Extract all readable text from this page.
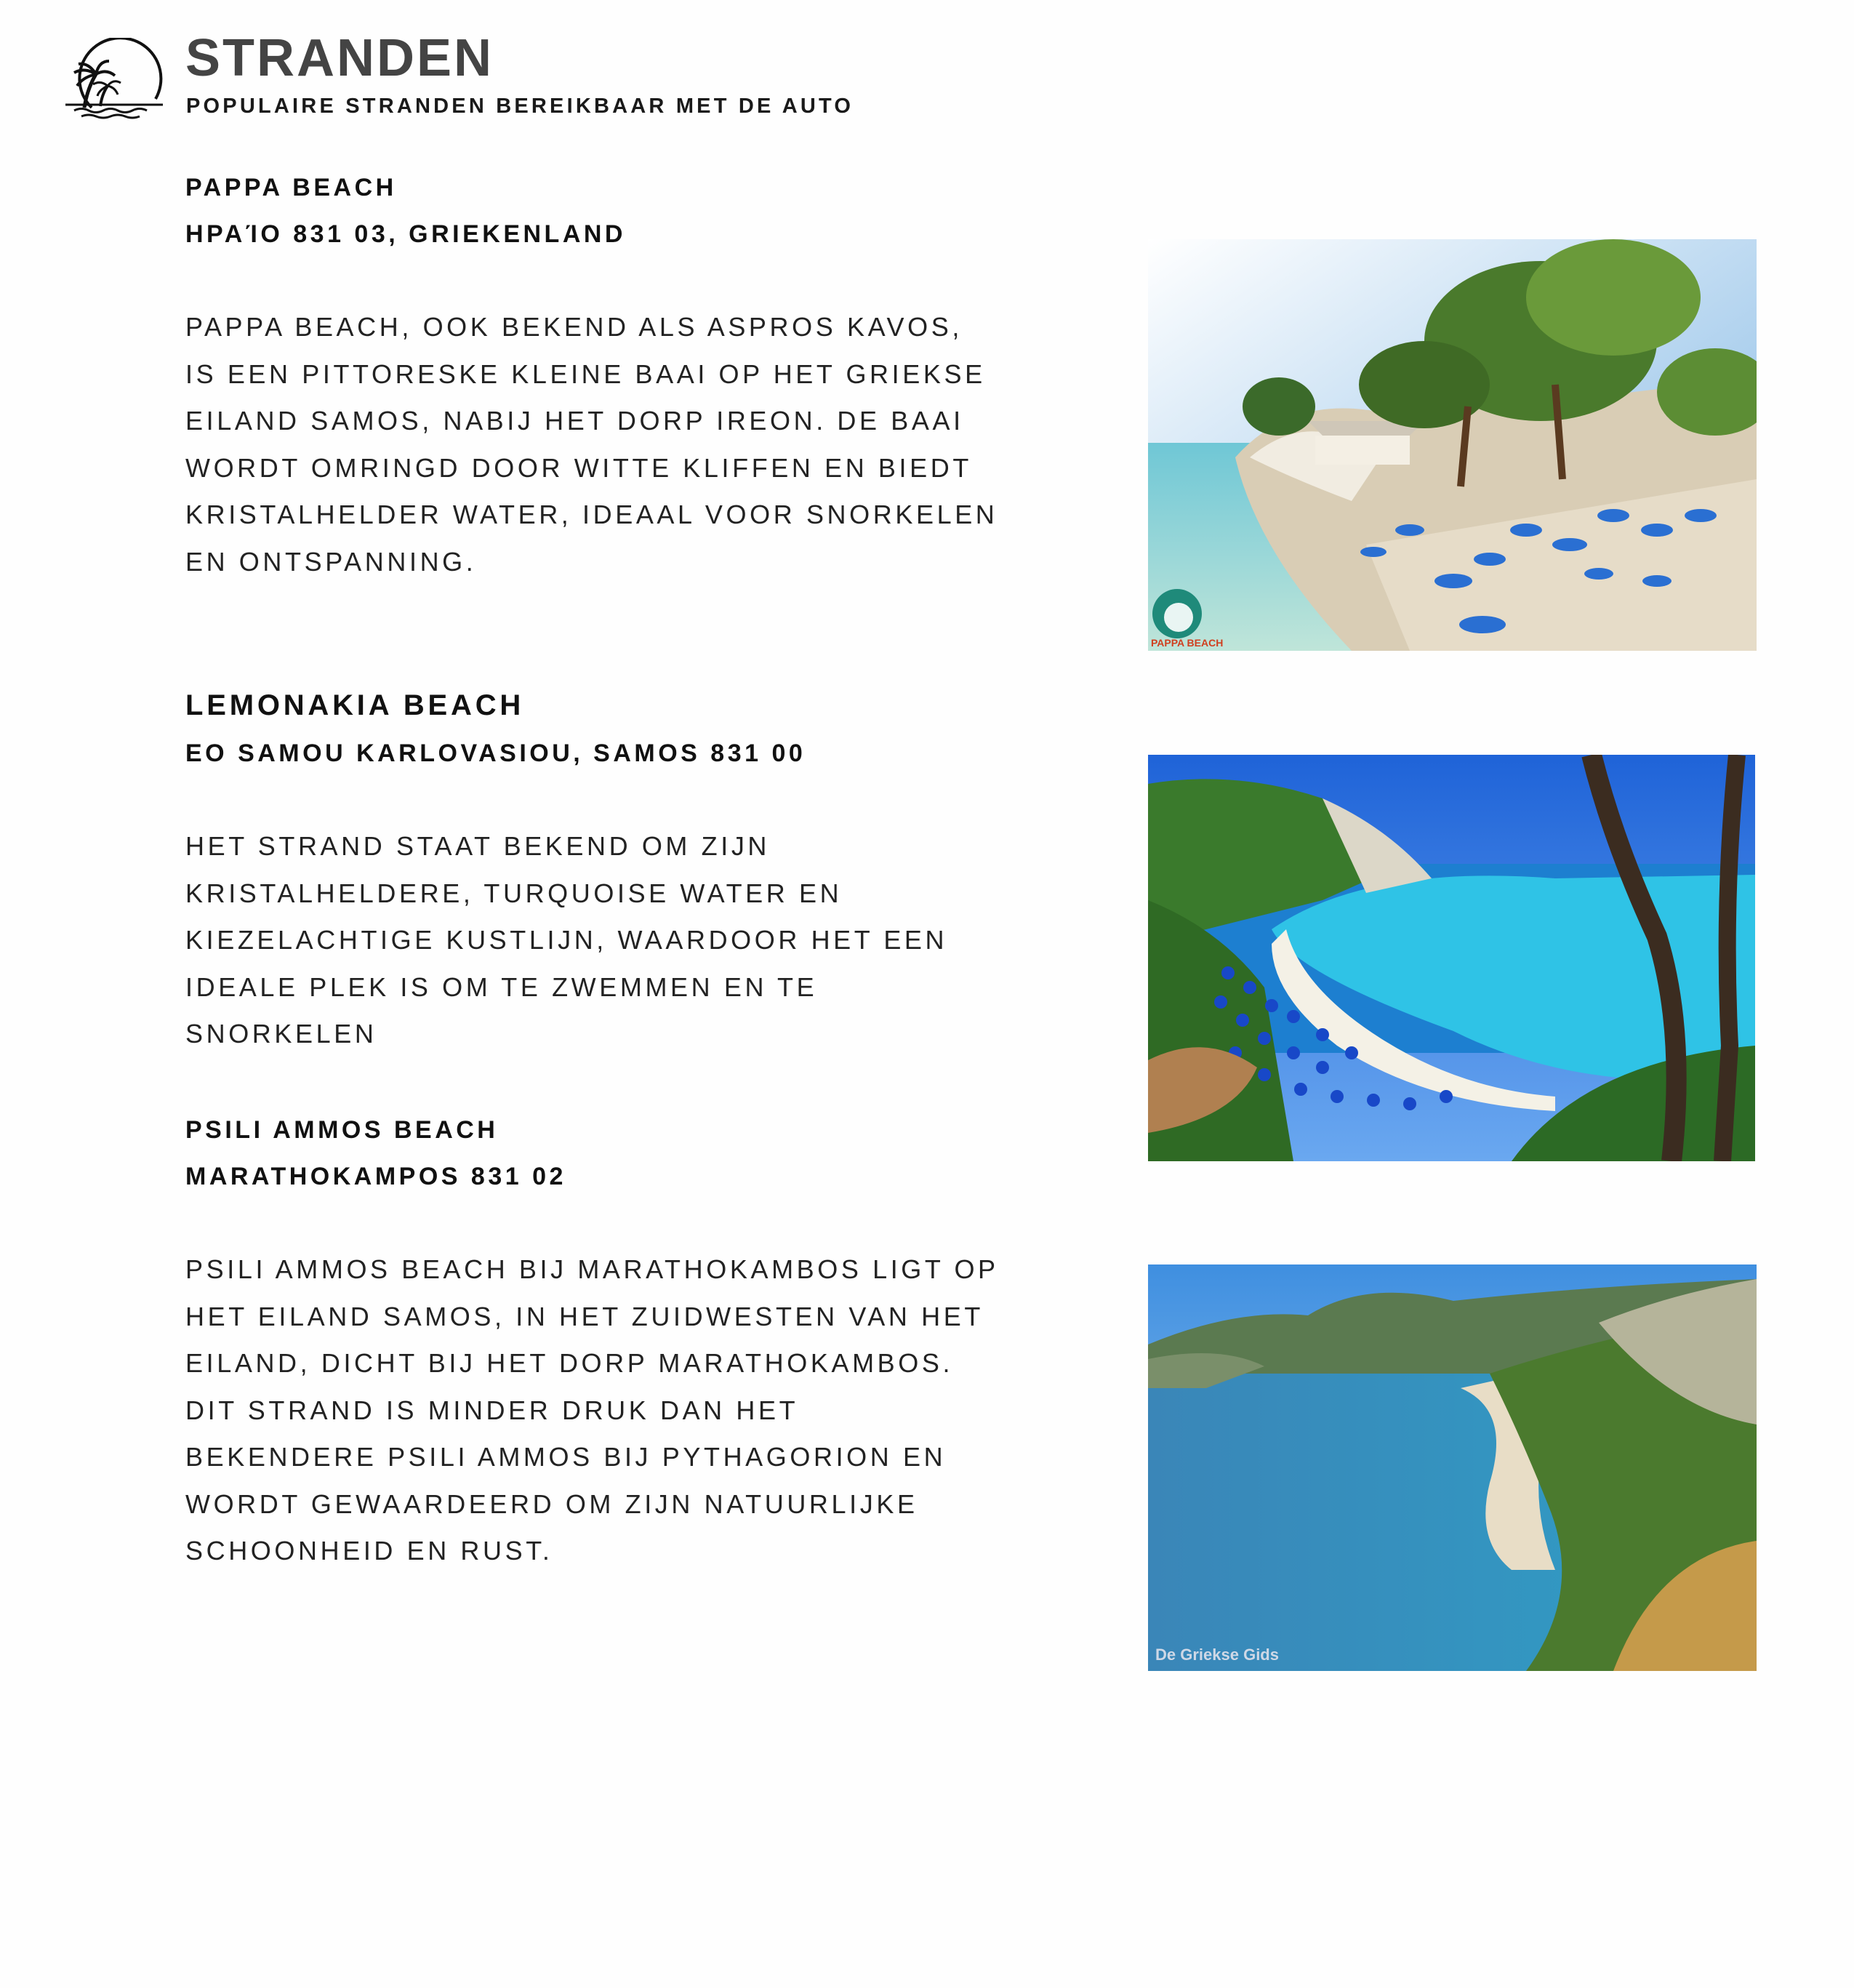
STRANDEN

POPULAIRE STRANDEN BEREIKBAAR MET DE AUTO

PAPPA BEACH
ΗΡΑΊΟ 831 03, GRIEKENLAND
PAPPA BEACH, OOK BEKEND ALS ASPROS KAVOS, IS EEN PITTORESKE KLEINE BAAI OP HET GRIEKSE EILAND SAMOS, NABIJ HET DORP IREON. DE BAAI WORDT OMRINGD DOOR WITTE KLIFFEN EN BIEDT KRISTALHELDER WATER, IDEAAL VOOR SNORKELEN EN ONTSPANNING.
LEMONAKIA BEACH
EO SAMOU KARLOVASIOU, SAMOS 831 00
HET STRAND STAAT BEKEND OM ZIJN KRISTALHELDERE, TURQUOISE WATER EN KIEZELACHTIGE KUSTLIJN, WAARDOOR HET EEN IDEALE PLEK IS OM TE ZWEMMEN EN TE SNORKELEN
PSILI AMMOS BEACH
MARATHOKAMPOS 831 02
PSILI AMMOS BEACH BIJ MARATHOKAMBOS LIGT OP HET EILAND SAMOS, IN HET ZUIDWESTEN VAN HET EILAND, DICHT BIJ HET DORP MARATHOKAMBOS. DIT STRAND IS MINDER DRUK DAN HET BEKENDERE PSILI AMMOS BIJ PYTHAGORION EN WORDT GEWAARDEERD OM ZIJN NATUURLIJKE SCHOONHEID EN RUST.
PAPPA BEACH
De Griekse Gids
